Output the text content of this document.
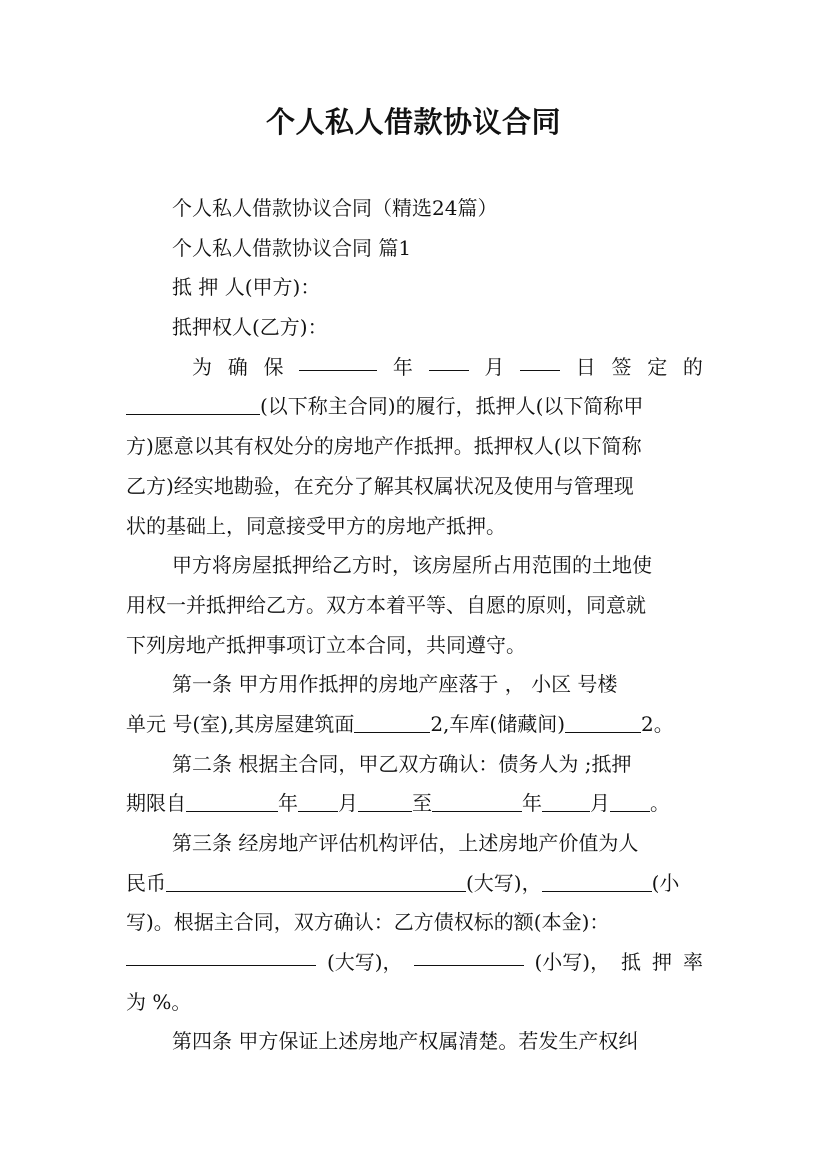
个人私人借款协议合同
个人私人借款协议合同（精选24篇）
个人私人借款协议合同 篇1
抵 押 人(甲方)：
抵押权人(乙方)：
为 确 保	年	月	日 签 定 的
(以下称主合同)的履行，抵押人(以下简称甲
方)愿意以其有权处分的房地产作抵押。抵押权人(以下简称
乙方)经实地勘验，在充分了解其权属状况及使用与管理现
状的基础上，同意接受甲方的房地产抵押。
甲方将房屋抵押给乙方时，该房屋所占用范围的土地使
用权一并抵押给乙方。双方本着平等、自愿的原则，同意就
下列房地产抵押事项订立本合同，共同遵守。
第一条 甲方用作抵押的房地产座落于 ， 小区 号楼
单元 号(室),其房屋建筑面	2,车库(储藏间)	2。
第二条 根据主合同，甲乙双方确认：债务人为 ;抵押
期限自	年 月	至	年 月 。
第三条 经房地产评估机构评估，上述房地产价值为人
民币	(大写)，	(小
写)。根据主合同，双方确认：乙方债权标的额(本金)：
(大写)，	(小写)， 抵 押 率
为 %。
第四条 甲方保证上述房地产权属清楚。若发生产权纠
